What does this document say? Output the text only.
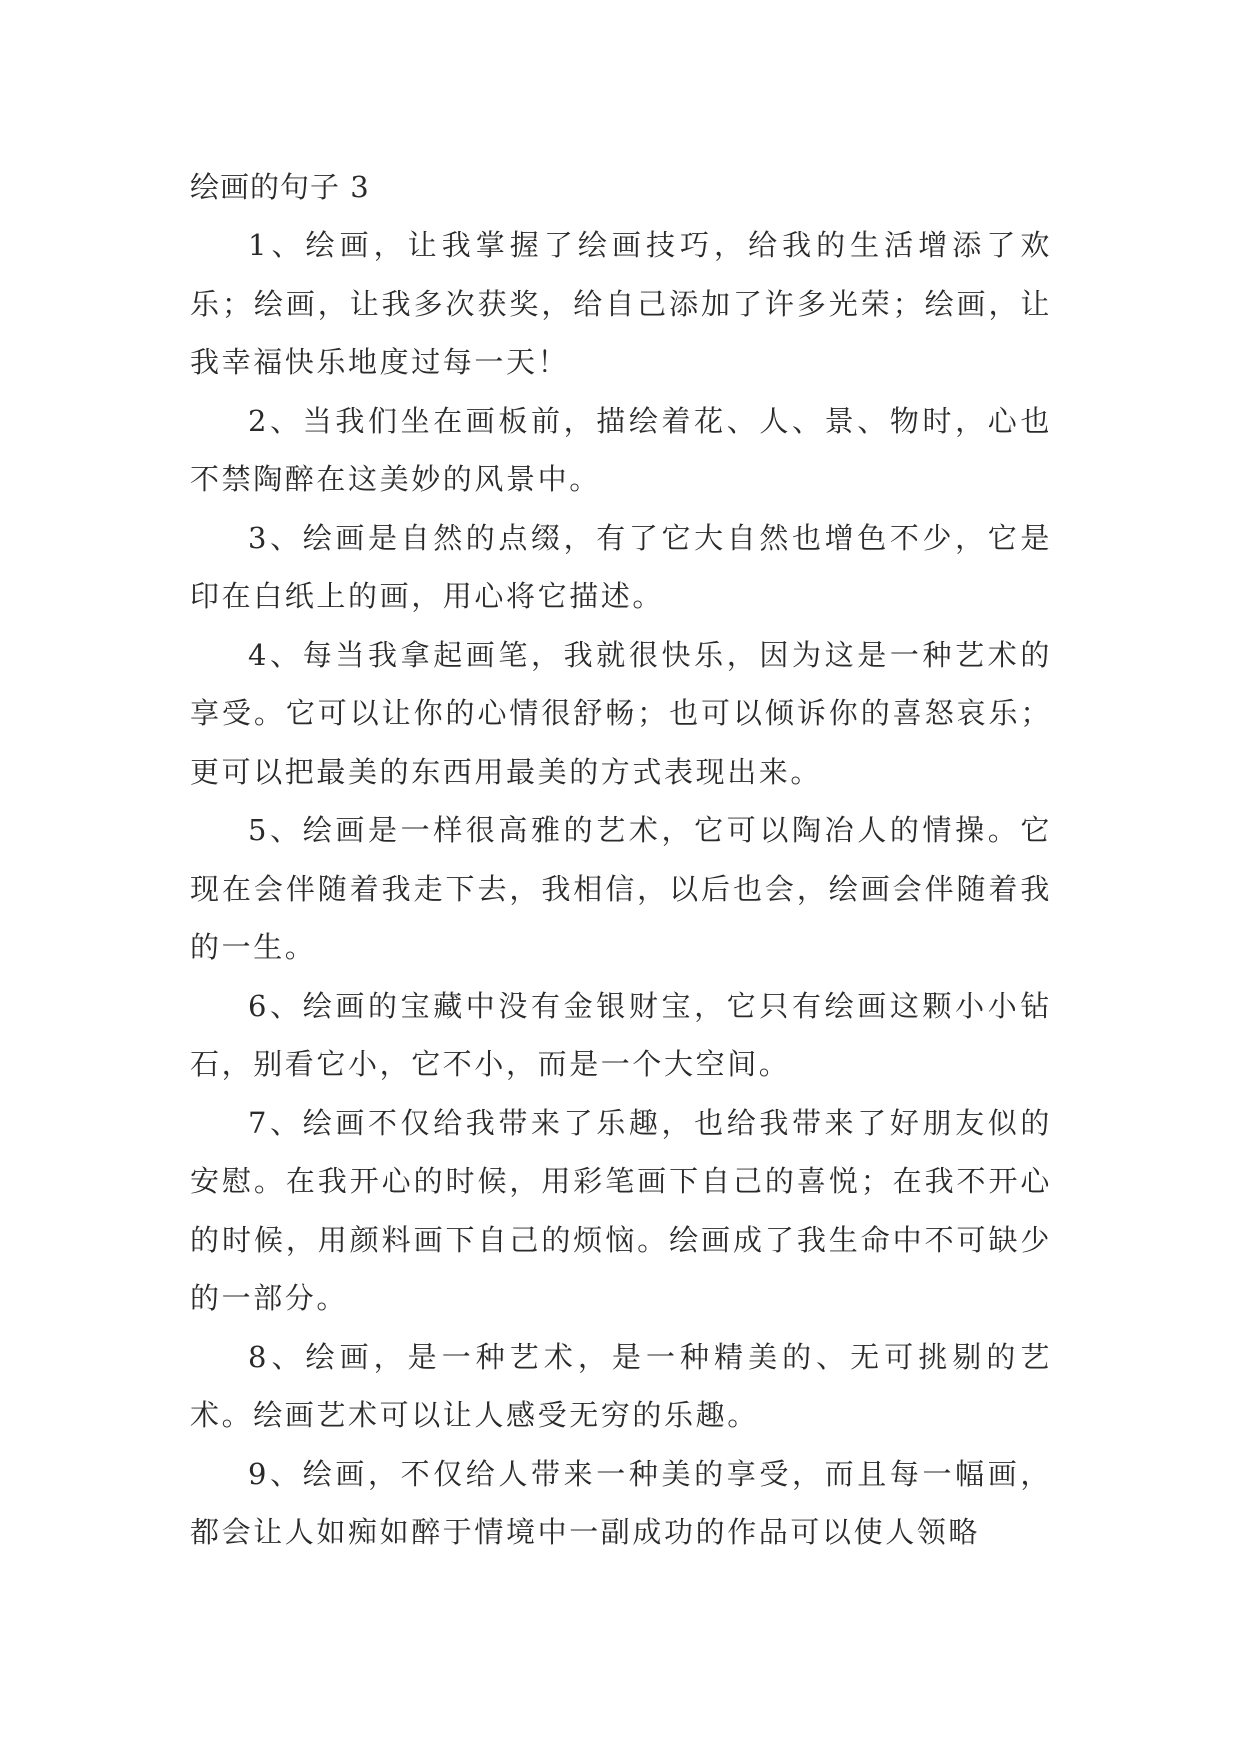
绘画的句子 3

1、绘画，让我掌握了绘画技巧，给我的生活增添了欢乐；绘画，让我多次获奖，给自己添加了许多光荣；绘画，让我幸福快乐地度过每一天！

2、当我们坐在画板前，描绘着花、人、景、物时，心也不禁陶醉在这美妙的风景中。

3、绘画是自然的点缀，有了它大自然也增色不少，它是印在白纸上的画，用心将它描述。

4、每当我拿起画笔，我就很快乐，因为这是一种艺术的享受。它可以让你的心情很舒畅；也可以倾诉你的喜怒哀乐；更可以把最美的东西用最美的方式表现出来。

5、绘画是一样很高雅的艺术，它可以陶冶人的情操。它现在会伴随着我走下去，我相信，以后也会，绘画会伴随着我的一生。

6、绘画的宝藏中没有金银财宝，它只有绘画这颗小小钻石，别看它小，它不小，而是一个大空间。

7、绘画不仅给我带来了乐趣，也给我带来了好朋友似的安慰。在我开心的时候，用彩笔画下自己的喜悦；在我不开心的时候，用颜料画下自己的烦恼。绘画成了我生命中不可缺少的一部分。

8、绘画，是一种艺术，是一种精美的、无可挑剔的艺术。绘画艺术可以让人感受无穷的乐趣。

9、绘画，不仅给人带来一种美的享受，而且每一幅画，都会让人如痴如醉于情境中一副成功的作品可以使人领略
